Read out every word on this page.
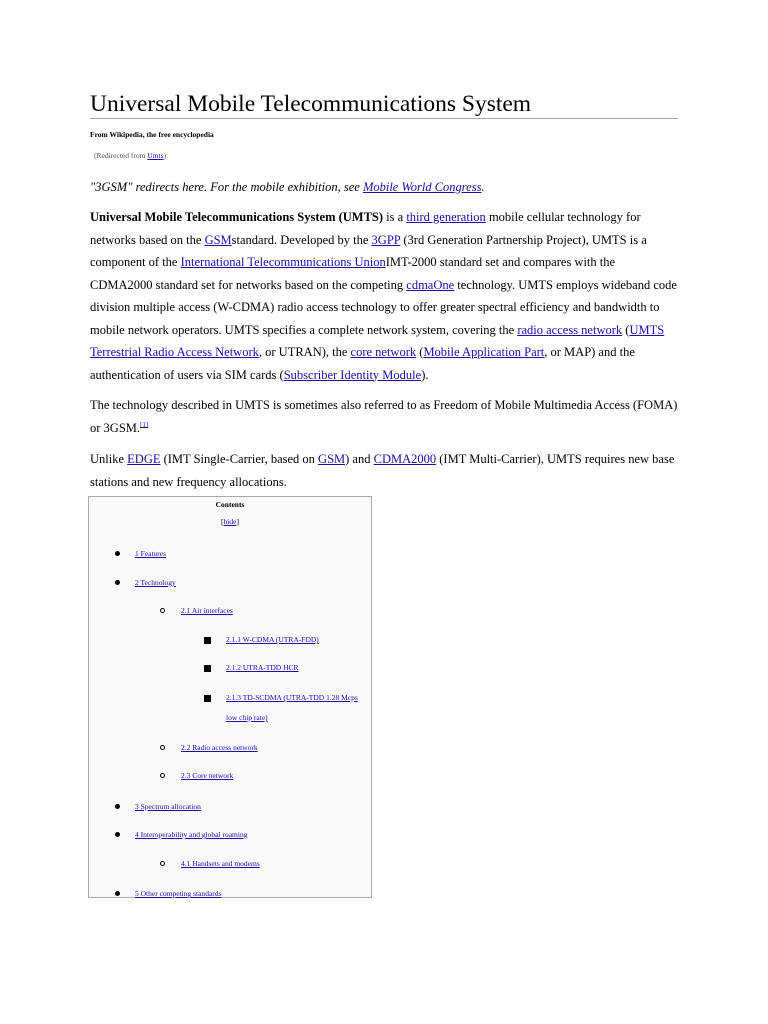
Universal Mobile Telecommunications System
From Wikipedia, the free encyclopedia
(Redirected from Umts)
"3GSM" redirects here. For the mobile exhibition, see Mobile World Congress.

Universal Mobile Telecommunications System (UMTS) is a third generation mobile cellular technology for networks based on the GSMstandard. Developed by the 3GPP (3rd Generation Partnership Project), UMTS is a component of the International Telecommunications UnionIMT-2000 standard set and compares with the CDMA2000 standard set for networks based on the competing cdmaOne technology. UMTS employs wideband code division multiple access (W-CDMA) radio access technology to offer greater spectral efficiency and bandwidth to mobile network operators. UMTS specifies a complete network system, covering the radio access network (UMTS Terrestrial Radio Access Network, or UTRAN), the core network (Mobile Application Part, or MAP) and the authentication of users via SIM cards (Subscriber Identity Module).

The technology described in UMTS is sometimes also referred to as Freedom of Mobile Multimedia Access (FOMA) or 3GSM.[1]

Unlike EDGE (IMT Single-Carrier, based on GSM) and CDMA2000 (IMT Multi-Carrier), UMTS requires new base stations and new frequency allocations.

Contents
[hide]
1 Features
2 Technology
2.1 Air interfaces
2.1.1 W-CDMA (UTRA-FDD)
2.1.2 UTRA-TDD HCR
2.1.3 TD-SCDMA (UTRA-TDD 1.28 Mcps
low chip rate)
2.2 Radio access network
2.3 Core network
3 Spectrum allocation
4 Interoperability and global roaming
4.1 Handsets and modems
5 Other competing standards
